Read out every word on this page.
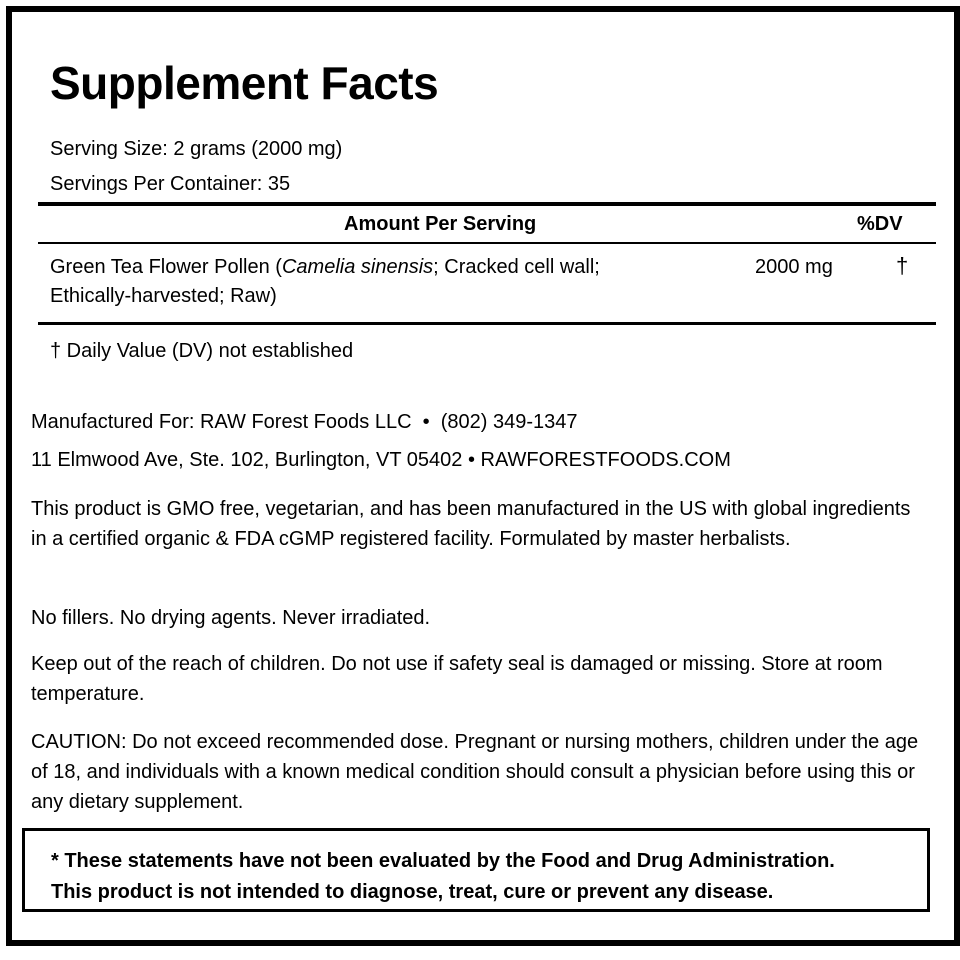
Supplement Facts
Serving Size: 2 grams (2000 mg)
Servings Per Container: 35
Amount Per Serving	%DV
Green Tea Flower Pollen (Camelia sinensis; Cracked cell wall;
Ethically-harvested; Raw)
2000 mg	†
† Daily Value (DV) not established
Manufactured For: RAW Forest Foods LLC  •  (802) 349-1347
11 Elmwood Ave, Ste. 102, Burlington, VT 05402 • RAWFORESTFOODS.COM

This product is GMO free, vegetarian, and has been manufactured in the US with global ingredients in a certified organic & FDA cGMP registered facility. Formulated by master herbalists.

No fillers. No drying agents. Never irradiated.

Keep out of the reach of children. Do not use if safety seal is damaged or missing. Store at room temperature.

CAUTION: Do not exceed recommended dose. Pregnant or nursing mothers, children under the age of 18, and individuals with a known medical condition should consult a physician before using this or any dietary supplement.

* These statements have not been evaluated by the Food and Drug Administration.
This product is not intended to diagnose, treat, cure or prevent any disease.
